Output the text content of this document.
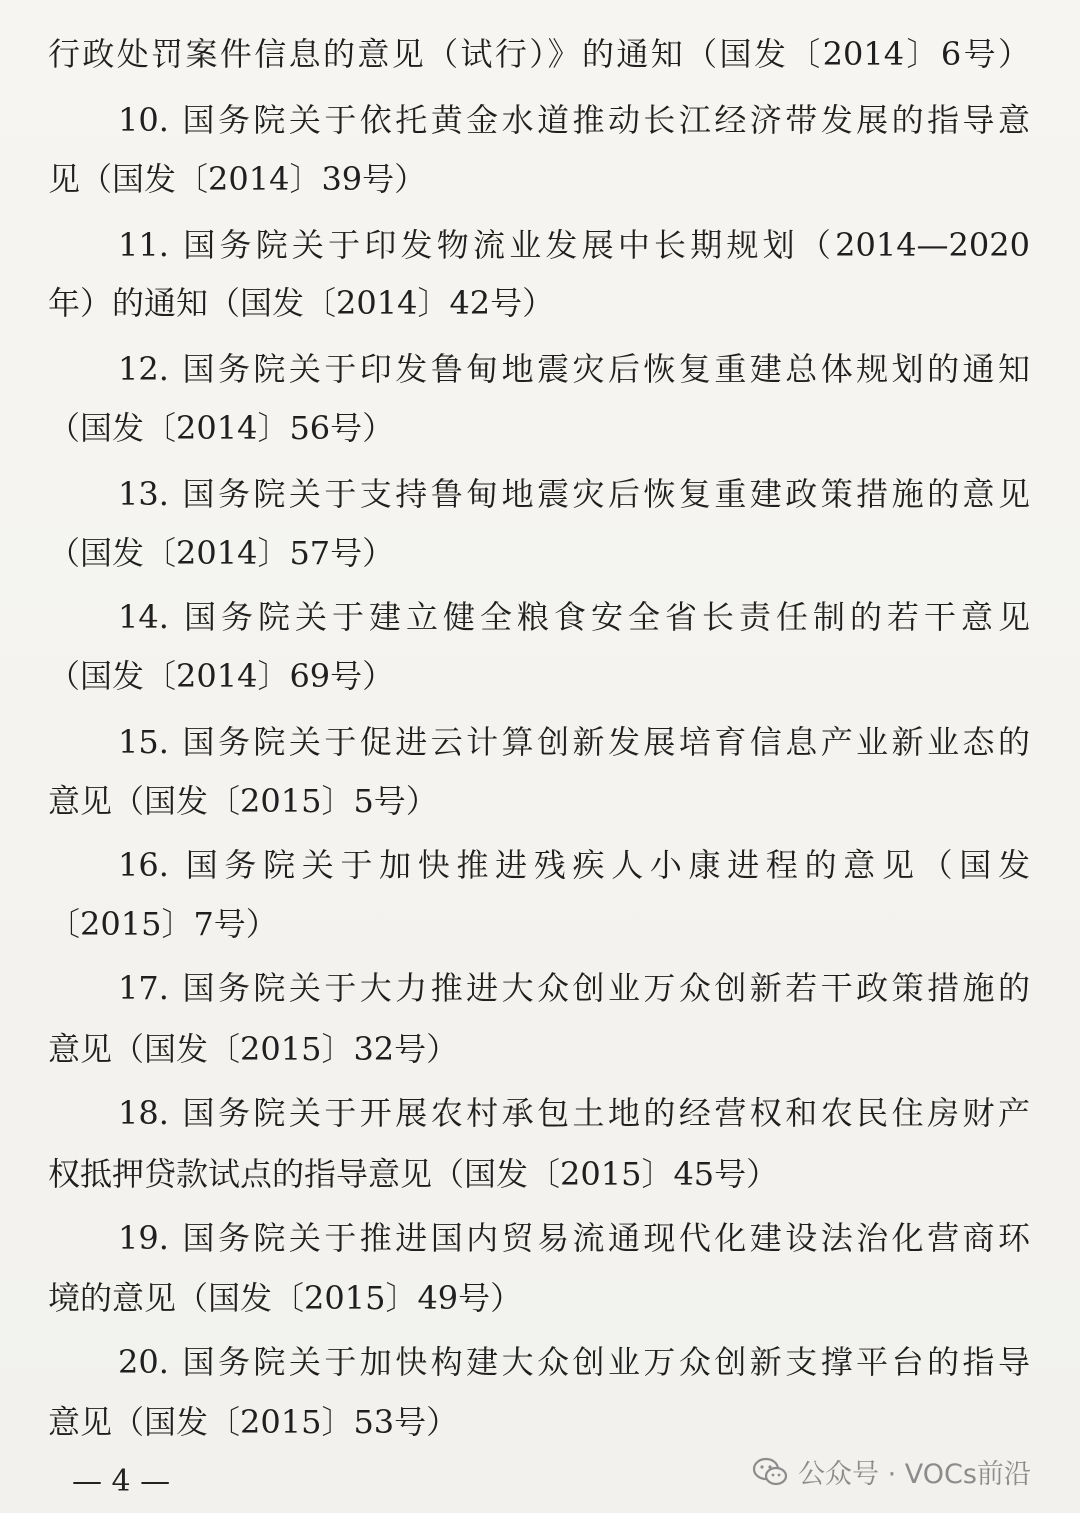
行政处罚案件信息的意见（试行）》的通知（国发〔2014〕6号）
10. 国务院关于依托黄金水道推动长江经济带发展的指导意
见（国发〔2014〕39号）
11. 国务院关于印发物流业发展中长期规划（2014—2020
年）的通知（国发〔2014〕42号）
12. 国务院关于印发鲁甸地震灾后恢复重建总体规划的通知
（国发〔2014〕56号）
13. 国务院关于支持鲁甸地震灾后恢复重建政策措施的意见
（国发〔2014〕57号）
14. 国务院关于建立健全粮食安全省长责任制的若干意见
（国发〔2014〕69号）
15. 国务院关于促进云计算创新发展培育信息产业新业态的
意见（国发〔2015〕5号）
16. 国务院关于加快推进残疾人小康进程的意见（国发
〔2015〕7号）
17. 国务院关于大力推进大众创业万众创新若干政策措施的
意见（国发〔2015〕32号）
18. 国务院关于开展农村承包土地的经营权和农民住房财产
权抵押贷款试点的指导意见（国发〔2015〕45号）
19. 国务院关于推进国内贸易流通现代化建设法治化营商环
境的意见（国发〔2015〕49号）
20. 国务院关于加快构建大众创业万众创新支撑平台的指导
意见（国发〔2015〕53号）
— 4 —	公众号 · VOCs前沿
